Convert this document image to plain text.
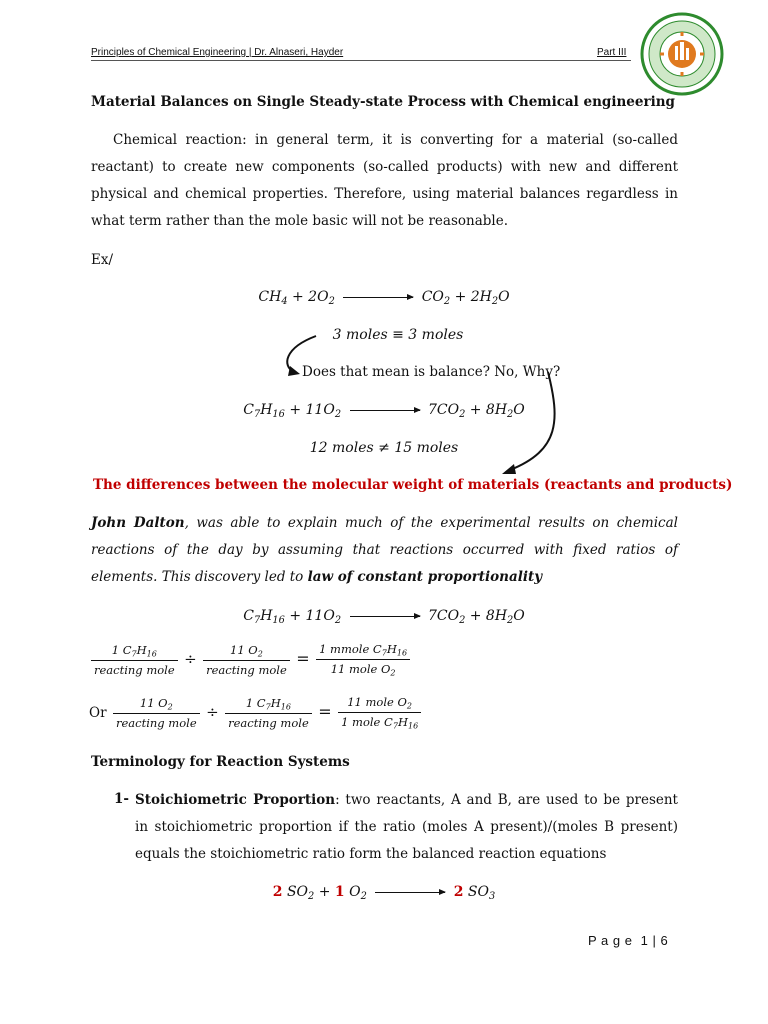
Principles of Chemical Engineering | Dr. Alnaseri, Hayder	Part III
Material Balances on Single Steady-state Process with Chemical engineering
Chemical reaction: in general term, it is converting for a material (so-called reactant) to create new components (so-called products) with new and different physical and chemical properties. Therefore, using material balances regardless in what term rather than the mole basic will not be reasonable.
Ex/
$CH_4 + 2O_2$	$CO_2 + 2H_2O$
3 moles ≡ 3 moles
Does that mean is balance? No, Why?
$C_7H_{16} + 11O_2$	$7CO_2 + 8H_2O$
12 moles ≠ 15 moles
The differences between the molecular weight of materials (reactants and products)
John Dalton, was able to explain much of the experimental results on chemical reactions of the day by assuming that reactions occurred with fixed ratios of elements. This discovery led to law of constant proportionality
$C_7H_{16} + 11O_2$	$7CO_2 + 8H_2O$
$\frac{1 C_7H_{16}}{\text{reacting mole}} \div \frac{11 O_2}{\text{reacting mole}} = \frac{1 mmole C_7H_{16}}{11 mole O_2}$
Or $\frac{11 O_2}{\text{reacting mole}} \div \frac{1 C_7H_{16}}{\text{reacting mole}} = \frac{11 mole O_2}{1 mole C_7H_{16}}$
Terminology for Reaction Systems
1- Stoichiometric Proportion: two reactants, A and B, are used to be present in stoichiometric proportion if the ratio (moles A present)/(moles B present) equals the stoichiometric ratio form the balanced reaction equations
2 $SO_2 + 1$ $O_2$	2 $SO_3$
P a g e  1 | 6
